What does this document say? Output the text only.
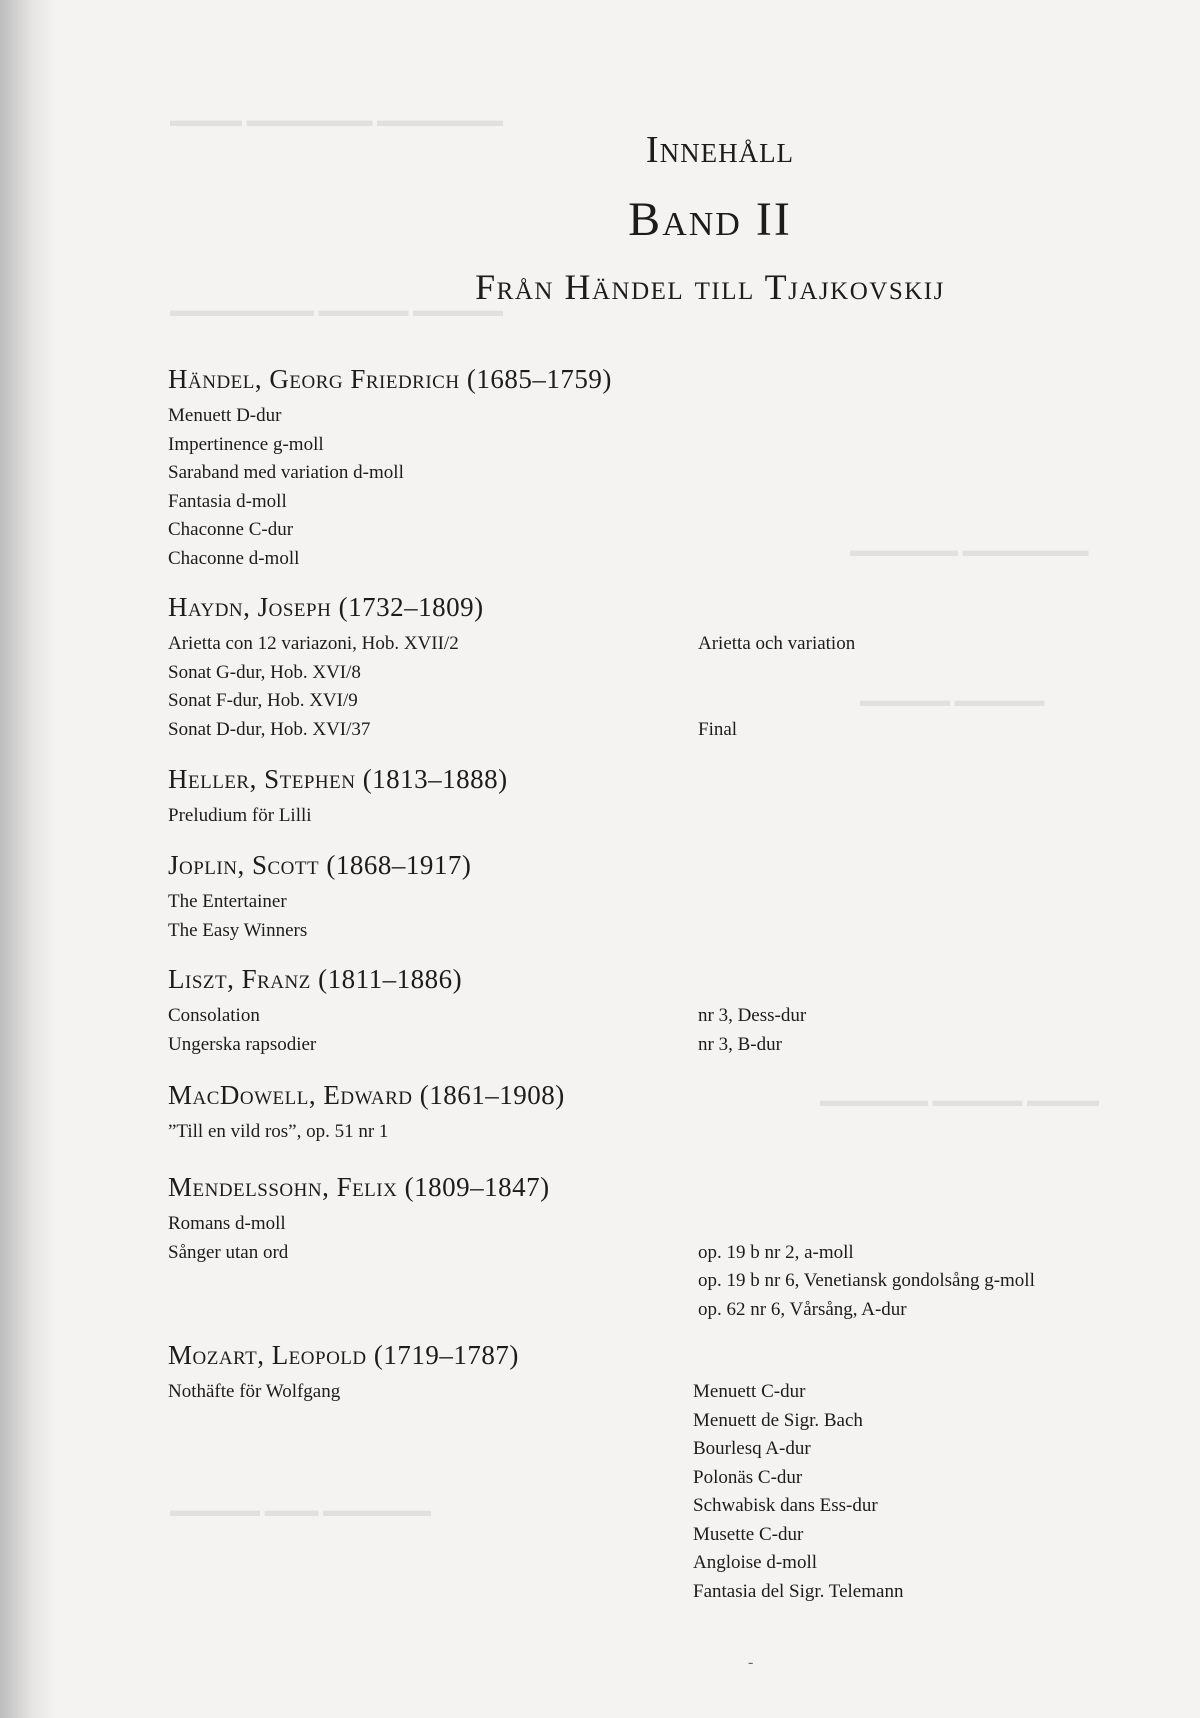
▬▬▬▬ ▬▬▬▬▬▬▬ ▬▬▬▬▬▬▬
▬▬▬▬▬▬▬▬ ▬▬▬▬▬ ▬▬▬▬▬
▬▬▬▬▬▬ ▬▬▬▬▬▬▬
▬▬▬▬▬ ▬▬▬▬▬
▬▬▬▬▬▬ ▬▬▬▬▬ ▬▬▬▬
▬▬▬▬▬ ▬▬▬ ▬▬▬▬▬▬
Innehåll
Band II
Från Händel till Tjajkovskij
Händel, Georg Friedrich (1685–1759)
Menuett D-dur
Impertinence g-moll
Saraband med variation d-moll
Fantasia d-moll
Chaconne C-dur
Chaconne d-moll
Haydn, Joseph (1732–1809)
Arietta con 12 variazoni, Hob. XVII/2	Arietta och variation
Sonat G-dur, Hob. XVI/8
Sonat F-dur, Hob. XVI/9
Sonat D-dur, Hob. XVI/37	Final
Heller, Stephen (1813–1888)
Preludium för Lilli
Joplin, Scott (1868–1917)
The Entertainer
The Easy Winners
Liszt, Franz (1811–1886)
Consolation	nr 3, Dess-dur
Ungerska rapsodier	nr 3, B-dur
MacDowell, Edward (1861–1908)
”Till en vild ros”, op. 51 nr 1
Mendelssohn, Felix (1809–1847)
Romans d-moll
Sånger utan ord	op. 19 b nr 2, a-moll
op. 19 b nr 6, Venetiansk gondolsång g-moll
op. 62 nr 6, Vårsång, A-dur
Mozart, Leopold (1719–1787)
Nothäfte för Wolfgang	Menuett C-dur
Menuett de Sigr. Bach
Bourlesq A-dur
Polonäs C-dur
Schwabisk dans Ess-dur
Musette C-dur
Angloise d-moll
Fantasia del Sigr. Telemann
-
